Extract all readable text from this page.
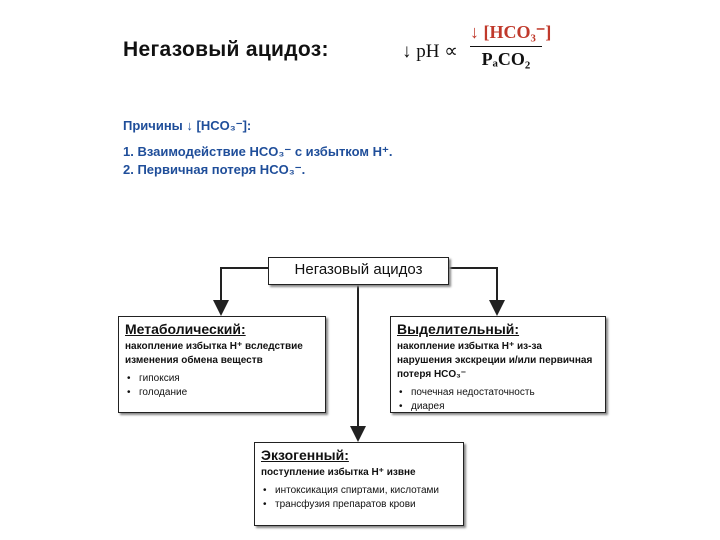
Негазовый ацидоз:	↓ pH ∝
↓ [HCO₃⁻]
PₐCO₂
Причины ↓ [HCO₃⁻]:
1. Взаимодействие HCO₃⁻ с избытком H⁺.
2. Первичная потеря HCO₃⁻.
Негазовый ацидоз
Метаболический:
накопление избытка H⁺ вследствие изменения обмена веществ
• гипоксия
• голодание
Выделительный:
накопление избытка H⁺ из-за нарушения экскреции и/или первичная потеря HCO₃⁻
• почечная недостаточность
• диарея
Экзогенный:
поступление избытка H⁺ извне
• интоксикация спиртами, кислотами
• трансфузия препаратов крови
